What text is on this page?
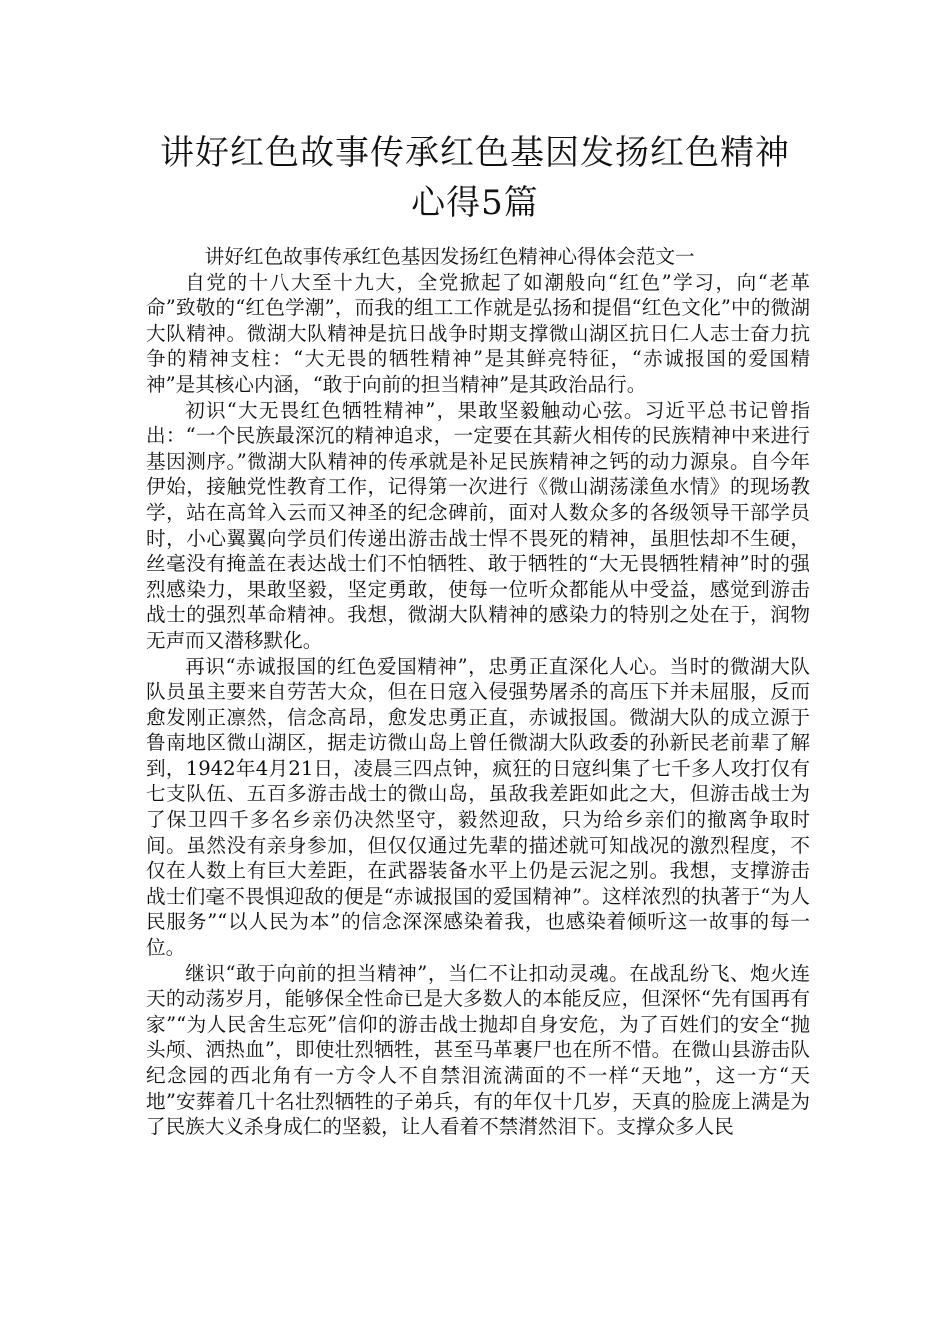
讲好红色故事传承红色基因发扬红色精神
心得5篇

讲好红色故事传承红色基因发扬红色精神心得体会范文一

自党的十八大至十九大，全党掀起了如潮般向“红色”学习，向“老革命”致敬的“红色学潮”，而我的组工工作就是弘扬和提倡“红色文化”中的微湖大队精神。微湖大队精神是抗日战争时期支撑微山湖区抗日仁人志士奋力抗争的精神支柱：“大无畏的牺牲精神”是其鲜亮特征，“赤诚报国的爱国精神”是其核心内涵，“敢于向前的担当精神”是其政治品行。

初识“大无畏红色牺牲精神”，果敢坚毅触动心弦。习近平总书记曾指出：“一个民族最深沉的精神追求，一定要在其薪火相传的民族精神中来进行基因测序。”微湖大队精神的传承就是补足民族精神之钙的动力源泉。自今年伊始，接触党性教育工作，记得第一次进行《微山湖荡漾鱼水情》的现场教学，站在高耸入云而又神圣的纪念碑前，面对人数众多的各级领导干部学员时，小心翼翼向学员们传递出游击战士悍不畏死的精神，虽胆怯却不生硬，丝毫没有掩盖在表达战士们不怕牺牲、敢于牺牲的“大无畏牺牲精神”时的强烈感染力，果敢坚毅，坚定勇敢，使每一位听众都能从中受益，感觉到游击战士的强烈革命精神。我想，微湖大队精神的感染力的特别之处在于，润物无声而又潜移默化。

再识“赤诚报国的红色爱国精神”，忠勇正直深化人心。当时的微湖大队队员虽主要来自劳苦大众，但在日寇入侵强势屠杀的高压下并未屈服，反而愈发刚正凛然，信念高昂，愈发忠勇正直，赤诚报国。微湖大队的成立源于鲁南地区微山湖区，据走访微山岛上曾任微湖大队政委的孙新民老前辈了解到，1942年4月21日，凌晨三四点钟，疯狂的日寇纠集了七千多人攻打仅有七支队伍、五百多游击战士的微山岛，虽敌我差距如此之大，但游击战士为了保卫四千多名乡亲仍决然坚守，毅然迎敌，只为给乡亲们的撤离争取时间。虽然没有亲身参加，但仅仅通过先辈的描述就可知战况的激烈程度，不仅在人数上有巨大差距，在武器装备水平上仍是云泥之别。我想，支撑游击战士们毫不畏惧迎敌的便是“赤诚报国的爱国精神”。这样浓烈的执著于“为人民服务”“以人民为本”的信念深深感染着我，也感染着倾听这一故事的每一位。

继识“敢于向前的担当精神”，当仁不让扣动灵魂。在战乱纷飞、炮火连天的动荡岁月，能够保全性命已是大多数人的本能反应，但深怀“先有国再有家”“为人民舍生忘死”信仰的游击战士抛却自身安危，为了百姓们的安全“抛头颅、洒热血”，即使壮烈牺牲，甚至马革裹尸也在所不惜。在微山县游击队纪念园的西北角有一方令人不自禁泪流满面的不一样“天地”，这一方“天地”安葬着几十名壮烈牺牲的子弟兵，有的年仅十几岁，天真的脸庞上满是为了民族大义杀身成仁的坚毅，让人看着不禁潸然泪下。支撑众多人民
